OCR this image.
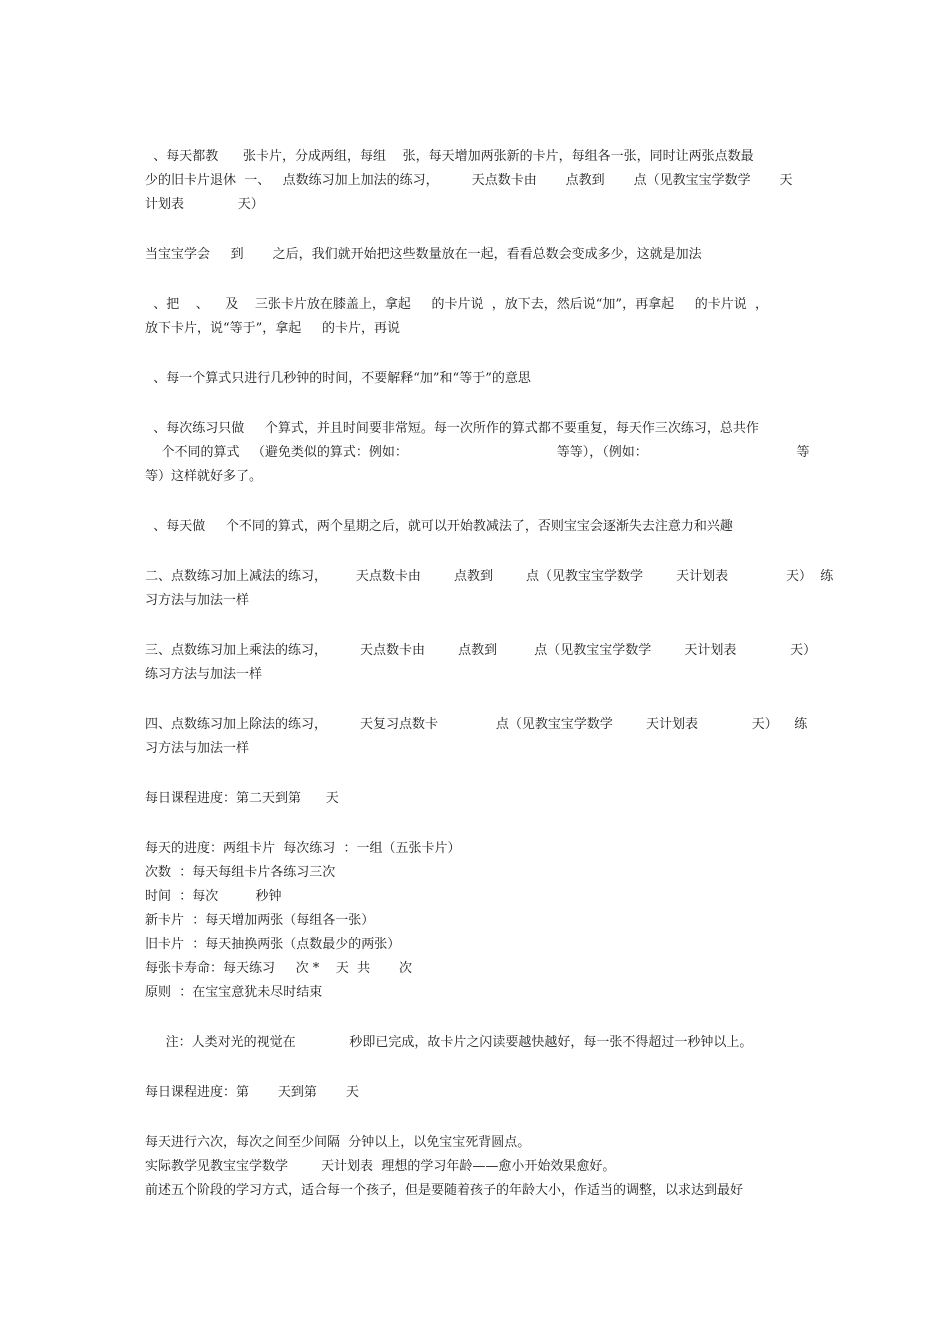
、每天都教      张卡片，分成两组，每组    张，每天增加两张新的卡片，每组各一张，同时让两张点数最
少的旧卡片退休  一、   点数练习加上加法的练习，        天点数卡由       点教到       点（见教宝宝学数学       天
计划表             天）
当宝宝学会     到       之后，我们就开始把这些数量放在一起，看看总数会变成多少，这就是加法
、把    、    及    三张卡片放在膝盖上，拿起     的卡片说  ，放下去，然后说“加”，再拿起     的卡片说  ，
放下卡片，说“等于”，拿起     的卡片，再说
、每一个算式只进行几秒钟的时间，不要解释“加”和“等于”的意思
、每次练习只做     个算式，并且时间要非常短。每一次所作的算式都不要重复，每天作三次练习，总共作
个不同的算式   （避免类似的算式：例如：                                    等等），（例如：                                    等
等）这样就好多了。
、每天做     个不同的算式，两个星期之后，就可以开始教减法了，否则宝宝会逐渐失去注意力和兴趣
二、点数练习加上减法的练习，       天点数卡由        点教到        点（见教宝宝学数学        天计划表              天）  练
习方法与加法一样
三、点数练习加上乘法的练习，        天点数卡由        点教到         点（见教宝宝学数学        天计划表             天）
练习方法与加法一样
四、点数练习加上除法的练习，        天复习点数卡              点（见教宝宝学数学        天计划表             天）    练
习方法与加法一样
每日课程进度：第二天到第      天
每天的进度：两组卡片  每次练习  ：一组（五张卡片）
次数  ：每天每组卡片各练习三次
时间  ：每次         秒钟
新卡片  ：每天增加两张（每组各一张）
旧卡片  ：每天抽换两张（点数最少的两张）
每张卡寿命：每天练习     次 *    天  共       次
原则  ：在宝宝意犹未尽时结束
注：人类对光的视觉在             秒即已完成，故卡片之闪读要越快越好，每一张不得超过一秒钟以上。
每日课程进度：第       天到第       天
每天进行六次，每次之间至少间隔  分钟以上，以免宝宝死背圆点。
实际教学见教宝宝学数学        天计划表  理想的学习年龄——愈小开始效果愈好。
前述五个阶段的学习方式，适合每一个孩子，但是要随着孩子的年龄大小，作适当的调整，以求达到最好
